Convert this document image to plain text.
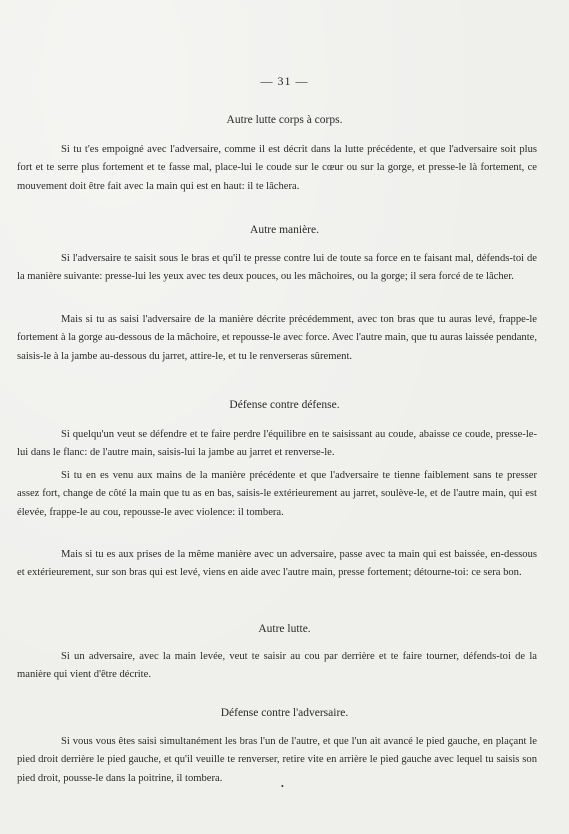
— 31 —
Autre lutte corps à corps.
Si tu t'es empoigné avec l'adversaire, comme il est décrit dans la lutte précédente, et que l'adversaire soit plus fort et te serre plus fortement et te fasse mal, place-lui le coude sur le cœur ou sur la gorge, et presse-le là fortement, ce mouvement doit être fait avec la main qui est en haut: il te lâchera.
Autre manière.
Si l'adversaire te saisit sous le bras et qu'il te presse contre lui de toute sa force en te faisant mal, défends-toi de la manière suivante: presse-lui les yeux avec tes deux pouces, ou les mâchoires, ou la gorge; il sera forcé de te lâcher.
Mais si tu as saisi l'adversaire de la manière décrite précédemment, avec ton bras que tu auras levé, frappe-le fortement à la gorge au-dessous de la mâchoire, et repousse-le avec force. Avec l'autre main, que tu auras laissée pendante, saisis-le à la jambe au-dessous du jarret, attire-le, et tu le renverseras sûrement.
Défense contre défense.
Si quelqu'un veut se défendre et te faire perdre l'équilibre en te saisissant au coude, abaisse ce coude, presse-le-lui dans le flanc: de l'autre main, saisis-lui la jambe au jarret et renverse-le.
Si tu en es venu aux mains de la manière précédente et que l'adversaire te tienne faiblement sans te presser assez fort, change de côté la main que tu as en bas, saisis-le extérieurement au jarret, soulève-le, et de l'autre main, qui est élevée, frappe-le au cou, repousse-le avec violence: il tombera.
Mais si tu es aux prises de la même manière avec un adversaire, passe avec ta main qui est baissée, en-dessous et extérieurement, sur son bras qui est levé, viens en aide avec l'autre main, presse fortement; détourne-toi: ce sera bon.
Autre lutte.
Si un adversaire, avec la main levée, veut te saisir au cou par derrière et te faire tourner, défends-toi de la manière qui vient d'être décrite.
Défense contre l'adversaire.
Si vous vous êtes saisi simultanément les bras l'un de l'autre, et que l'un ait avancé le pied gauche, en plaçant le pied droit derrière le pied gauche, et qu'il veuille te renverser, retire vite en arrière le pied gauche avec lequel tu saisis son pied droit, pousse-le dans la poitrine, il tombera.
•
